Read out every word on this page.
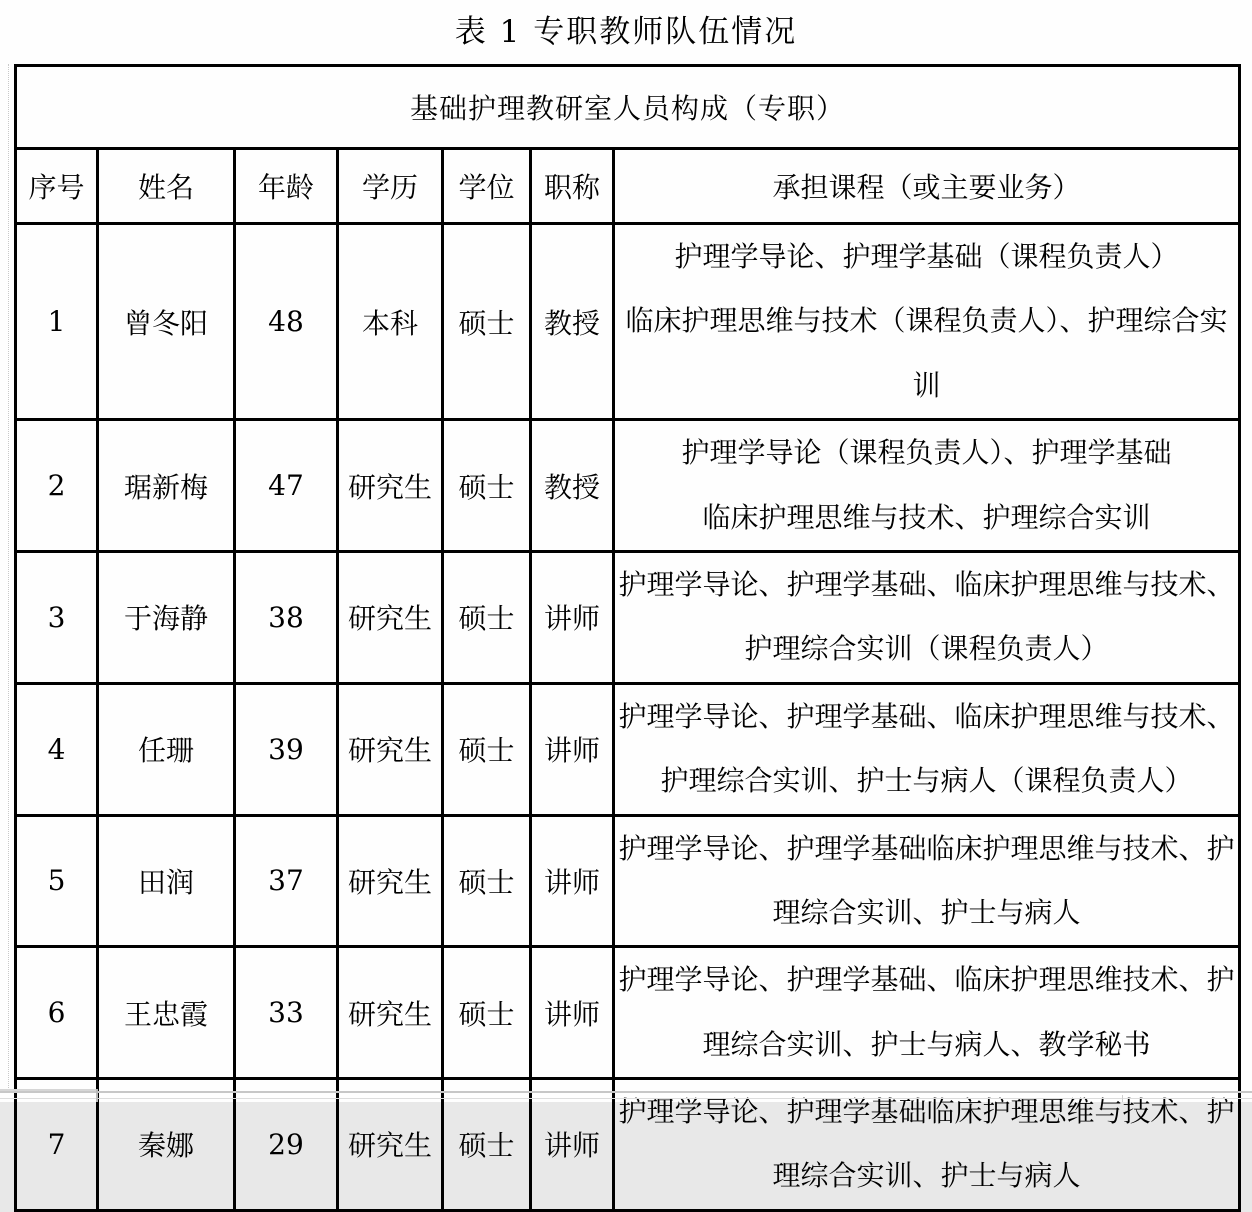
表 1 专职教师队伍情况
基础护理教研室人员构成（专职）						
序号	姓名	年龄	学历	学位	职称	承担课程（或主要业务）
1	曾冬阳	48	本科	硕士	教授	护理学导论、护理学基础（课程负责人）
临床护理思维与技术（课程负责人）、护理综合实训

2	琚新梅	47	研究生	硕士	教授	护理学导论（课程负责人）、护理学基础
临床护理思维与技术、护理综合实训

3	于海静	38	研究生	硕士	讲师	护理学导论、护理学基础、临床护理思维与技术、护理综合实训（课程负责人）

4	任珊	39	研究生	硕士	讲师	护理学导论、护理学基础、临床护理思维与技术、护理综合实训、护士与病人（课程负责人）

5	田润	37	研究生	硕士	讲师	护理学导论、护理学基础临床护理思维与技术、护理综合实训、护士与病人

6	王忠霞	33	研究生	硕士	讲师	护理学导论、护理学基础、临床护理思维技术、护理综合实训、护士与病人、教学秘书

7	秦娜	29	研究生	硕士	讲师	护理学导论、护理学基础临床护理思维与技术、护理综合实训、护士与病人
